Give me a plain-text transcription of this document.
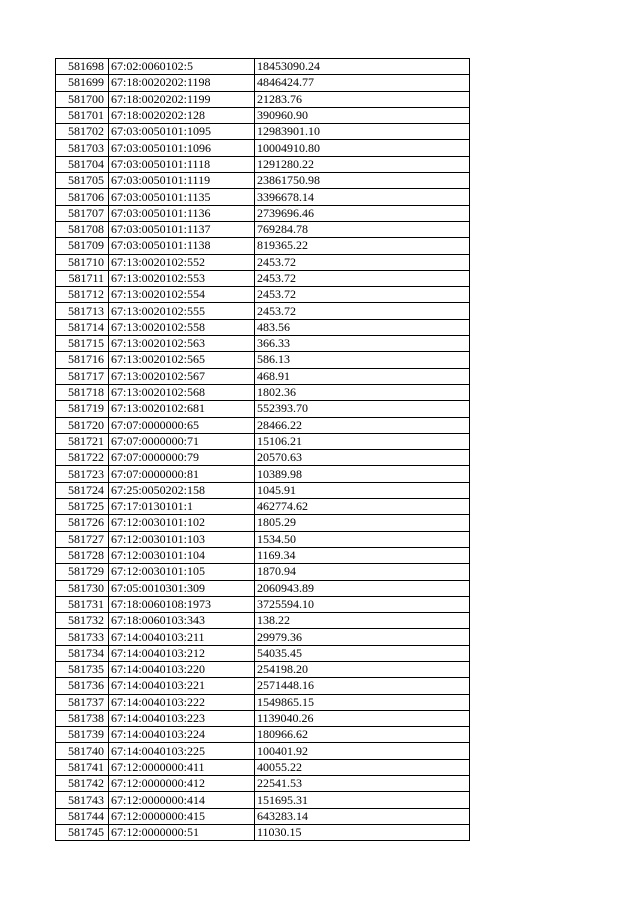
581698	67:02:0060102:5	18453090.24
581699	67:18:0020202:1198	4846424.77
581700	67:18:0020202:1199	21283.76
581701	67:18:0020202:128	390960.90
581702	67:03:0050101:1095	12983901.10
581703	67:03:0050101:1096	10004910.80
581704	67:03:0050101:1118	1291280.22
581705	67:03:0050101:1119	23861750.98
581706	67:03:0050101:1135	3396678.14
581707	67:03:0050101:1136	2739696.46
581708	67:03:0050101:1137	769284.78
581709	67:03:0050101:1138	819365.22
581710	67:13:0020102:552	2453.72
581711	67:13:0020102:553	2453.72
581712	67:13:0020102:554	2453.72
581713	67:13:0020102:555	2453.72
581714	67:13:0020102:558	483.56
581715	67:13:0020102:563	366.33
581716	67:13:0020102:565	586.13
581717	67:13:0020102:567	468.91
581718	67:13:0020102:568	1802.36
581719	67:13:0020102:681	552393.70
581720	67:07:0000000:65	28466.22
581721	67:07:0000000:71	15106.21
581722	67:07:0000000:79	20570.63
581723	67:07:0000000:81	10389.98
581724	67:25:0050202:158	1045.91
581725	67:17:0130101:1	462774.62
581726	67:12:0030101:102	1805.29
581727	67:12:0030101:103	1534.50
581728	67:12:0030101:104	1169.34
581729	67:12:0030101:105	1870.94
581730	67:05:0010301:309	2060943.89
581731	67:18:0060108:1973	3725594.10
581732	67:18:0060103:343	138.22
581733	67:14:0040103:211	29979.36
581734	67:14:0040103:212	54035.45
581735	67:14:0040103:220	254198.20
581736	67:14:0040103:221	2571448.16
581737	67:14:0040103:222	1549865.15
581738	67:14:0040103:223	1139040.26
581739	67:14:0040103:224	180966.62
581740	67:14:0040103:225	100401.92
581741	67:12:0000000:411	40055.22
581742	67:12:0000000:412	22541.53
581743	67:12:0000000:414	151695.31
581744	67:12:0000000:415	643283.14
581745	67:12:0000000:51	11030.15
